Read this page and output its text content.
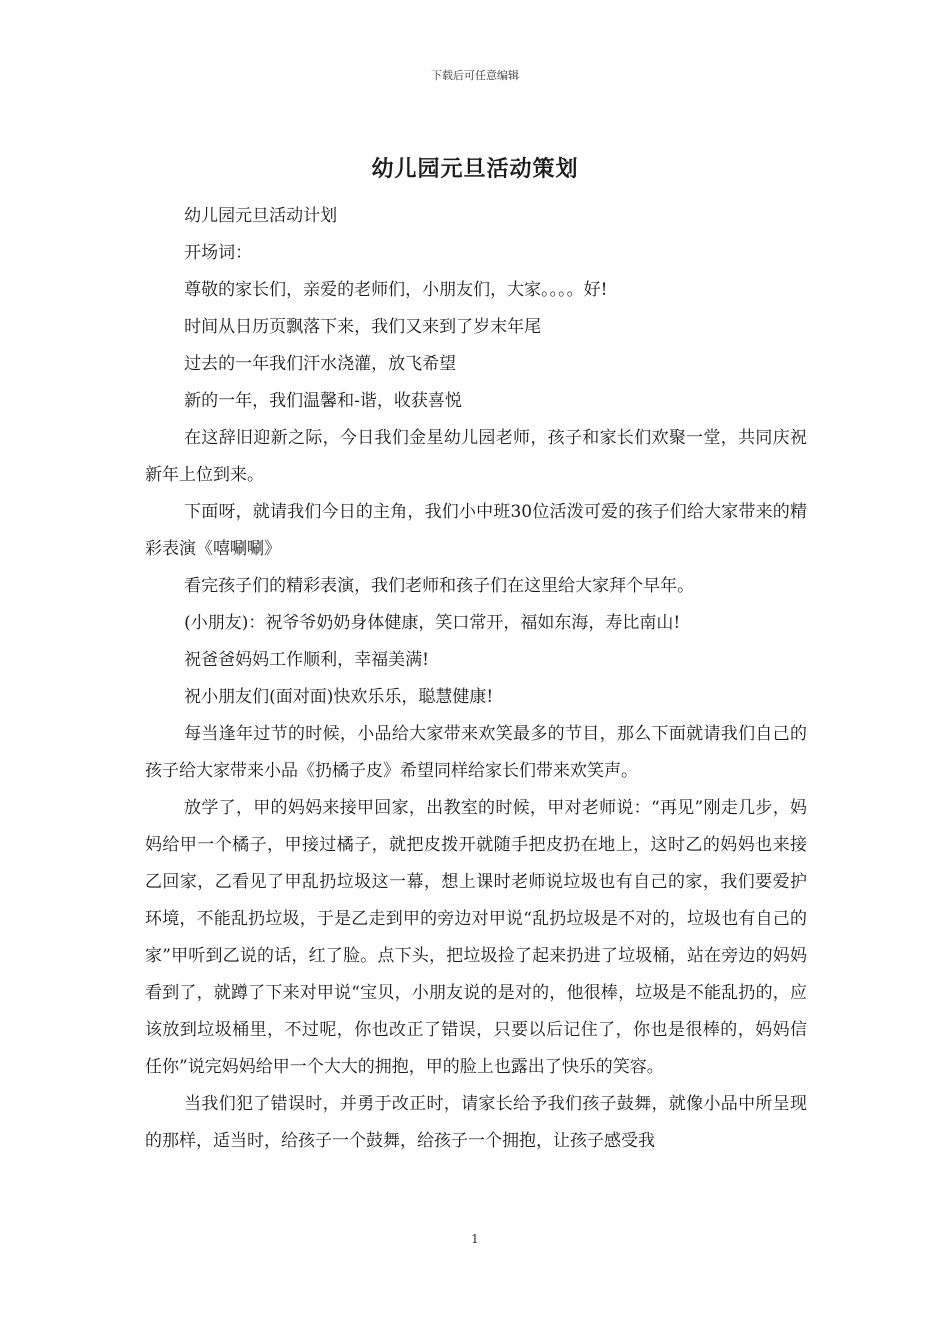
下载后可任意编辑
幼儿园元旦活动策划

幼儿园元旦活动计划

开场词：

尊敬的家长们，亲爱的老师们，小朋友们，大家。。。。好!

时间从日历页飘落下来，我们又来到了岁末年尾

过去的一年我们汗水浇灌，放飞希望

新的一年，我们温馨和-谐，收获喜悦

在这辞旧迎新之际，今日我们金星幼儿园老师，孩子和家长们欢聚一堂，共同庆祝新年上位到来。

下面呀，就请我们今日的主角，我们小中班30位活泼可爱的孩子们给大家带来的精彩表演《嘻唰唰》

看完孩子们的精彩表演，我们老师和孩子们在这里给大家拜个早年。

(小朋友)：祝爷爷奶奶身体健康，笑口常开，福如东海，寿比南山!

祝爸爸妈妈工作顺利，幸福美满!

祝小朋友们(面对面)快欢乐乐，聪慧健康!

每当逢年过节的时候，小品给大家带来欢笑最多的节目，那么下面就请我们自己的孩子给大家带来小品《扔橘子皮》希望同样给家长们带来欢笑声。

放学了，甲的妈妈来接甲回家，出教室的时候，甲对老师说：“再见”刚走几步，妈妈给甲一个橘子，甲接过橘子，就把皮拨开就随手把皮扔在地上，这时乙的妈妈也来接乙回家，乙看见了甲乱扔垃圾这一幕，想上课时老师说垃圾也有自己的家，我们要爱护环境，不能乱扔垃圾，于是乙走到甲的旁边对甲说“乱扔垃圾是不对的，垃圾也有自己的家”甲听到乙说的话，红了脸。点下头，把垃圾捡了起来扔进了垃圾桶，站在旁边的妈妈看到了，就蹲了下来对甲说“宝贝，小朋友说的是对的，他很棒，垃圾是不能乱扔的，应该放到垃圾桶里，不过呢，你也改正了错误，只要以后记住了，你也是很棒的，妈妈信任你”说完妈妈给甲一个大大的拥抱，甲的脸上也露出了快乐的笑容。

当我们犯了错误时，并勇于改正时，请家长给予我们孩子鼓舞，就像小品中所呈现的那样，适当时，给孩子一个鼓舞，给孩子一个拥抱，让孩子感受我

1
